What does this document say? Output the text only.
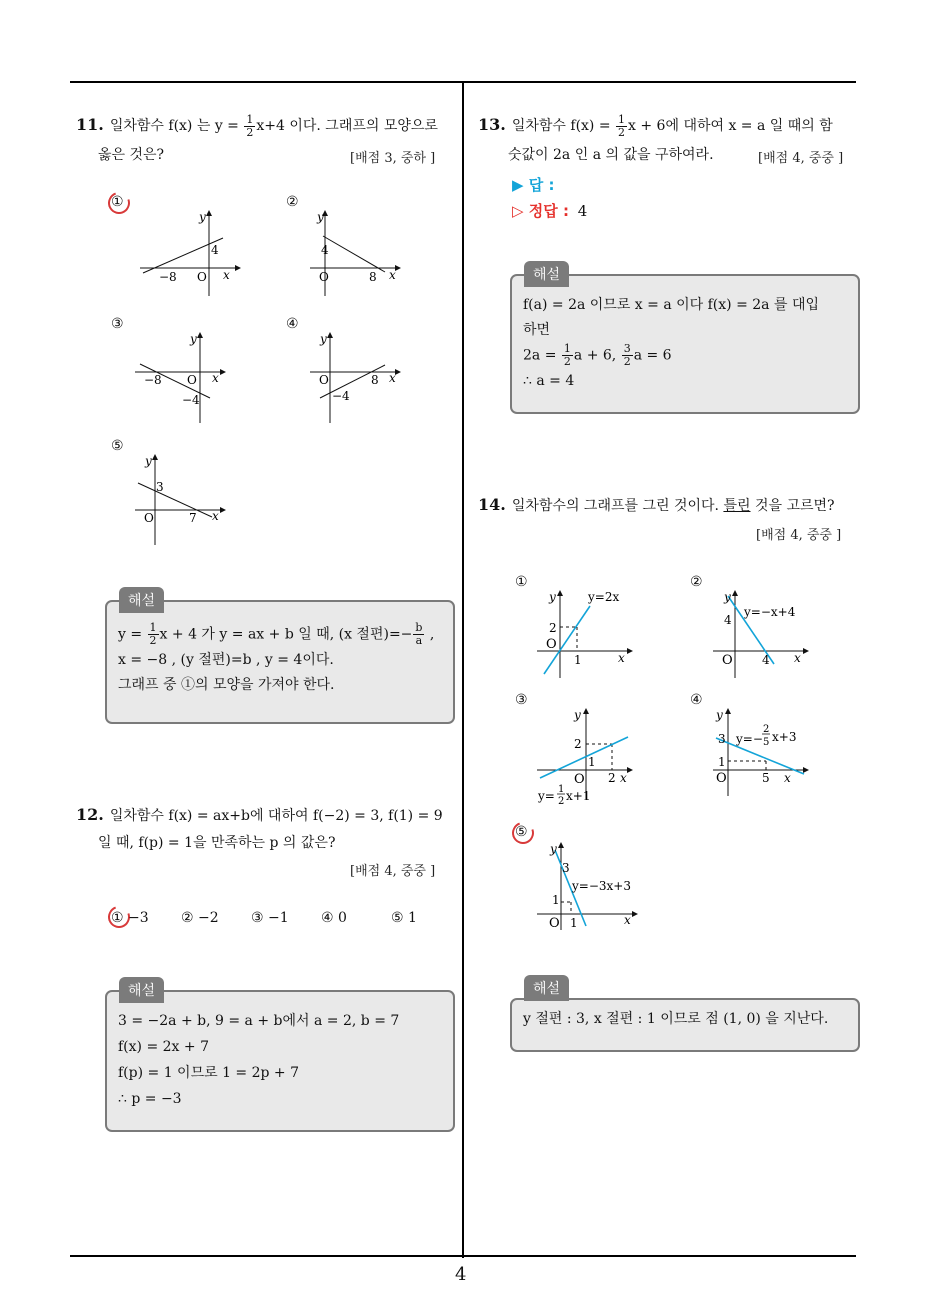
4
11. 일차함수 f(x) 는 $y = \frac{1}{2} x+4$ 이다. 그래프의 모양으로
옳은 것은?	[배점 3, 중하 ]
①	②
③	④
⑤
−8
4
O x
y
4
O	8 x
y
−8 O
−4
x
y
O	8
−4
x
y
3
O	7 x
y
해설
$y = \frac{1}{2}$ x + 4 가 y = ax + b 일 때, (x 절편)=− $\frac{b}{a}$ ,
x = −8 , (y 절편)=b , y = 4이다.
그래프 중 ①의 모양을 가져야 한다.
12. 일차함수 f(x) = ax+b에 대하여 f(−2) = 3, f(1) = 9
일 때, f(p) = 1을 만족하는 p 의 값은?
[배점 4, 중중 ]
① −3 ② −2 ③ −1 ④ 0	⑤ 1
해설
3 = −2a + b, 9 = a + b에서 a = 2, b = 7
f(x) = 2x + 7
f(p) = 1 이므로 1 = 2p + 7
∴ p = −3
13. 일차함수 $f(x) = \frac{1}{2}$ x + 6에 대하여 x = a 일 때의 함
숫값이 2a 인 a 의 값을 구하여라.	[배점 4, 중중 ]
▶ 답 :
▷ 정답 : 4
해설
f(a) = 2a 이므로 x = a 이다 f(x) = 2a 를 대입
하면
$2a = \frac{1}{2}$ a + 6, $\frac{3}{2}$ a = 6
∴ a = 4
14. 일차함수의 그래프를 그린 것이다. 틀린 것을 고르면?
[배점 4, 중중 ]
①	②
③	④
⑤
2
1
O
x
y	y=2x
4
4
O	x
y
y=−x+4
2
1
2
O	x
y
y= 1
2 x+1
3
1
5
O	x
y
y=−
2
5 x+3
3
1
1
O	x
y
y=−3x+3
해설
y 절편 : 3, x 절편 : 1 이므로 점 (1, 0) 을 지난다.
